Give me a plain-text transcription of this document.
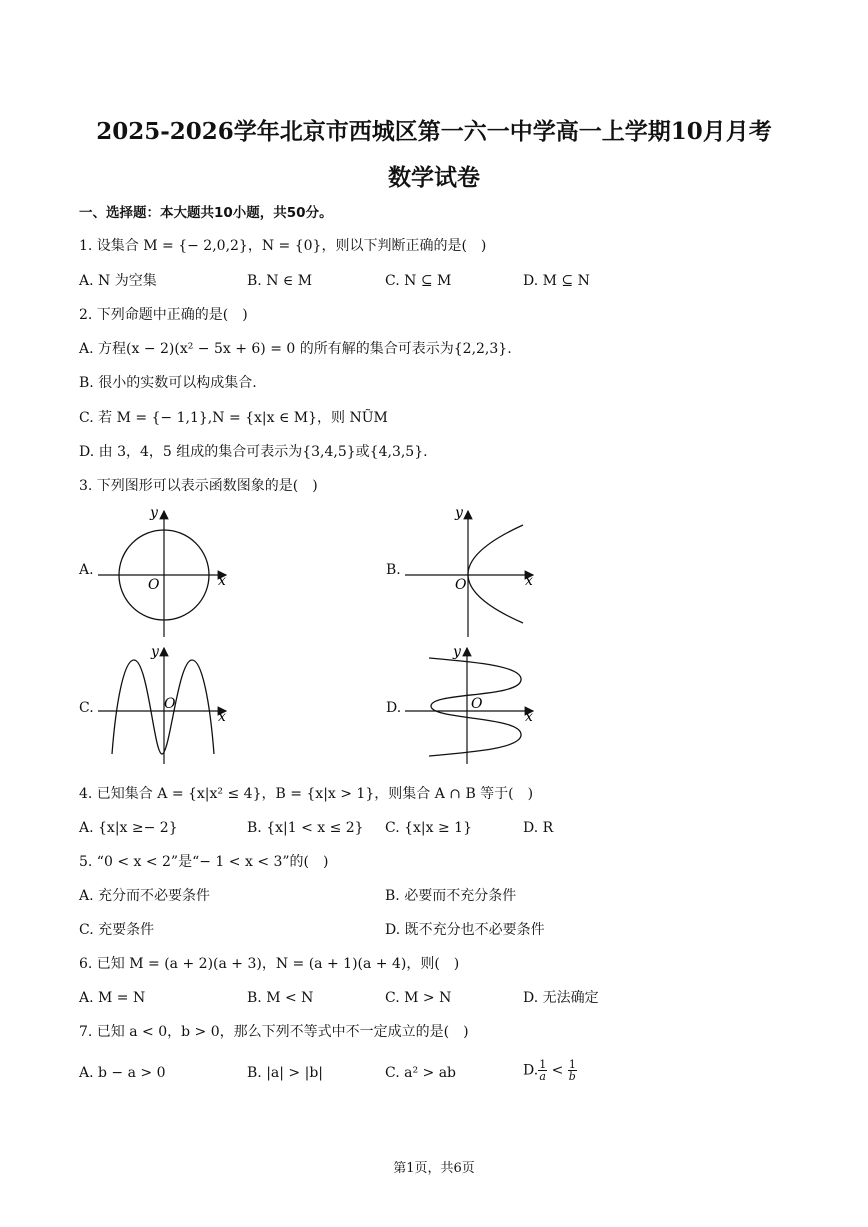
2025-2026学年北京市西城区第一六一中学高一上学期10月月考
数学试卷
一、选择题：本大题共10小题，共50分。
1. 设集合 M = {− 2,0,2}，N = {0}，则以下判断正确的是(　)
A. N 为空集	B. N ∈ M	C. N ⊆ M	D. M ⊆ N
2. 下列命题中正确的是(　)
A. 方程(x − 2)(x² − 5x + 6) = 0 的所有解的集合可表示为{2,2,3}.
B. 很小的实数可以构成集合.
C. 若 M = {− 1,1},N = {x|x ∈ M}，则 NŨM
D. 由 3，4，5 组成的集合可表示为{3,4,5}或{4,3,5}.
3. 下列图形可以表示函数图象的是(　)
A.	B.
C.	D.
y
x
O
y
x
O
y
x
O
y
x
O
4. 已知集合 A = {x|x² ≤ 4}，B = {x|x > 1}，则集合 A ∩ B 等于(　)
A. {x|x ≥− 2}	B. {x|1 < x ≤ 2} C. {x|x ≥ 1}	D. R
5. “0 < x < 2”是“− 1 < x < 3”的(　)
A. 充分而不必要条件	B. 必要而不充分条件
C. 充要条件	D. 既不充分也不必要条件
6. 已知 M = (a + 2)(a + 3)，N = (a + 1)(a + 4)，则(　)
A. M = N	B. M < N	C. M > N	D. 无法确定
7. 已知 a < 0，b > 0，那么下列不等式中不一定成立的是(　)
A. b − a > 0	B. |a| > |b|	C. a² > ab	D. $\frac{1}{a} < \frac{1}{b}$
第1页，共6页
